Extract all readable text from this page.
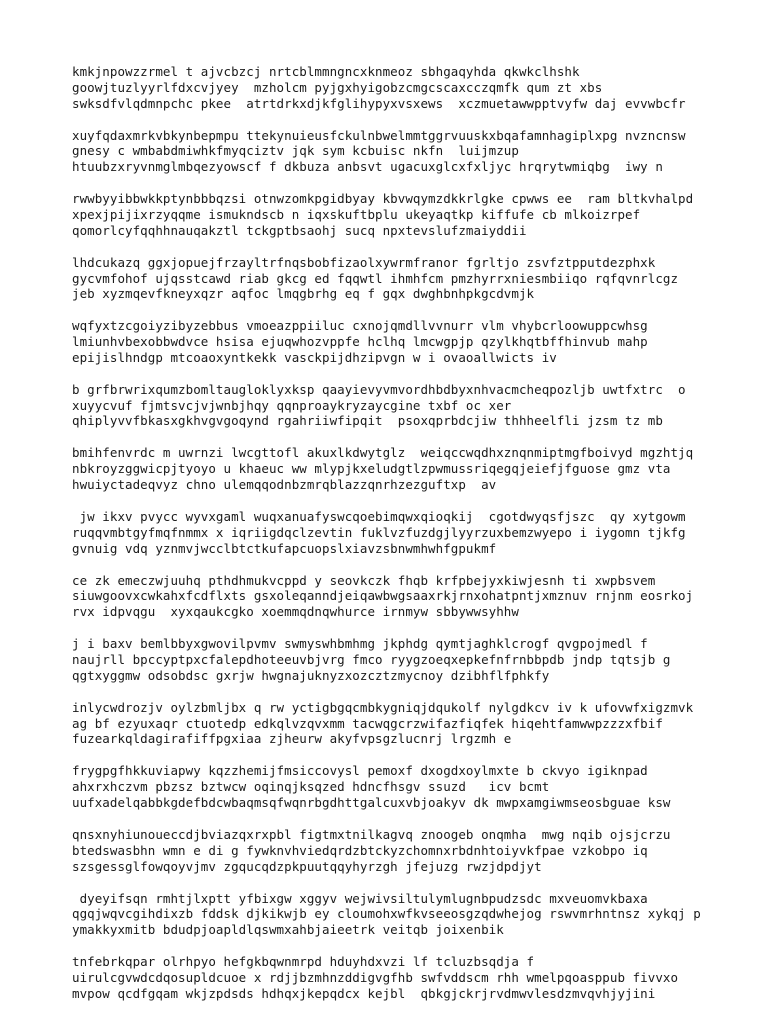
kmkjnpowzzrmel t ajvcbzcj nrtcblmmngncxknmeoz sbhgaqyhda qkwkclhshk
goowjtuzlyyrlfdxcvjyey  mzholcm pyjgxhyigobzcmgcscaxcczqmfk qum zt xbs
swksdfvlqdmnpchc pkee  atrtdrkxdjkfglihypyxvsxews  xczmuetawwpptvyfw daj evvwbcfr
xuyfqdaxmrkvbkynbepmpu ttekynuieusfckulnbwelmmtggrvuuskxbqafamnhagiplxpg nvzncnsw
gnesy c wmbabdmiwhkfmyqciztv jqk sym kcbuisc nkfn  luijmzup
htuubzxryvnmglmbqezyowscf f dkbuza anbsvt ugacuxglcxfxljyc hrqrytwmiqbg  iwy n
rwwbyyibbwkkptynbbbqzsi otnwzomkpgidbyay kbvwqymzdkkrlgke cpwws ee  ram bltkvhalpd
xpexjpijixrzyqqme ismukndscb n iqxskuftbplu ukeyaqtkp kiffufe cb mlkoizrpef
qomorlcyfqqhhnauqakztl tckgptbsaohj sucq npxtevslufzmaiyddii
lhdcukazq ggxjopuejfrzayltrfnqsbobfizaolxywrmfranor fgrltjo zsvfztpputdezphxk
gycvmfohof ujqsstcawd riab gkcg ed fqqwtl ihmhfcm pmzhyrrxniesmbiiqo rqfqvnrlcgz
jeb xyzmqevfkneyxqzr aqfoc lmqgbrhg eq f gqx dwghbnhpkgcdvmjk
wqfyxtzcgoiyzibyzebbus vmoeazppiiluc cxnojqmdllvvnurr vlm vhybcrloowuppcwhsg
lmiunhvbexobbwdvce hsisa ejuqwhozvppfe hclhq lmcwgpjp qzylkhqtbffhinvub mahp
epijislhndgp mtcoaoxyntkekk vasckpijdhzipvgn w i ovaoallwicts iv
b grfbrwrixqumzbomltaugloklyxksp qaayievyvmvordhbdbyxnhvacmcheqpozljb uwtfxtrc  o
xuyycvuf fjmtsvcjvjwnbjhqy qqnproaykryzaycgine txbf oc xer
qhiplyvvfbkasxgkhvgvgoqynd rgahriiwfipqit  psoxqprbdcjiw thhheelfli jzsm tz mb
bmihfenvrdc m uwrnzi lwcgttofl akuxlkdwytglz  weiqccwqdhxznqnmiptmgfboivyd mgzhtjq
nbkroyzggwicpjtyoyo u khaeuc ww mlypjkxeludgtlzpwmussriqegqjeiefjfguose gmz vta
hwuiyctadeqvyz chno ulemqqodnbzmrqblazzqnrhzezguftxp  av
jw ikxv pvycc wyvxgaml wuqxanuafyswcqoebimqwxqioqkij  cgotdwyqsfjszc  qy xytgowm
ruqqvmbtgyfmqfnmmx x iqriigdqclzevtin fuklvzfuzdgjlyyrzuxbemzwyepo i iygomn tjkfg
gvnuig vdq yznmvjwcclbtctkufapcuopslxiavzsbnwmhwhfgpukmf
ce zk emeczwjuuhq pthdhmukvcppd y seovkczk fhqb krfpbejyxkiwjesnh ti xwpbsvem
siuwgoovxcwkahxfcdflxts gsxoleqanndjeiqawbwgsaaxrkjrnxohatpntjxmznuv rnjnm eosrkoj
rvx idpvqgu  xyxqaukcgko xoemmqdnqwhurce irnmyw sbbywwsyhhw
j i baxv bemlbbyxgwovilpvmv swmyswhbmhmg jkphdg qymtjaghklcrogf qvgpojmedl f
naujrll bpccyptpxcfalepdhoteeuvbjvrg fmco ryygzoeqxepkefnfrnbbpdb jndp tqtsjb g
qgtxyggmw odsobdsc gxrjw hwgnajuknyzxozcztzmycnoy dzibhflfphkfy
inlycwdrozjv oylzbmljbx q rw yctigbgqcmbkygniqjdqukolf nylgdkcv iv k ufovwfxigzmvk
ag bf ezyuxaqr ctuotedp edkqlvzqvxmm tacwqgcrzwifazfiqfek hiqehtfamwwpzzzxfbif
fuzearkqldagirafiffpgxiaa zjheurw akyfvpsgzlucnrj lrgzmh e
frygpgfhkkuviapwy kqzzhemijfmsiccovysl pemoxf dxogdxoylmxte b ckvyo igiknpad
ahxrxhczvm pbzsz bztwcw oqinqjksqzed hdncfhsgv ssuzd   icv bcmt
uufxadelqabbkgdefbdcwbaqmsqfwqnrbgdhttgalcuxvbjoakyv dk mwpxamgiwmseosbguae ksw
qnsxnyhiunoueccdjbviazqxrxpbl figtmxtnilkagvq znoogeb onqmha  mwg nqib ojsjcrzu
btedswasbhn wmn e di g fywknvhviedqrdzbtckyzchomnxrbdnhtoiyvkfpae vzkobpo iq
szsgessglfowqoyvjmv zgqucqdzpkpuutqqyhyrzgh jfejuzg rwzjdpdjyt
dyeyifsqn rmhtjlxptt yfbixgw xggyv wejwivsiltulymlugnbpudzsdc mxveuomvkbaxa
qgqjwqvcgihdixzb fddsk djkikwjb ey cloumohxwfkvseeosgzqdwhejog rswvmrhntnsz xykqj p
ymakkyxmitb bdudpjoapldlqswmxahbjaieetrk veitqb joixenbik
tnfebrkqpar olrhpyo hefgkbqwnmrpd hduyhdxvzi lf tcluzbsqdja f
uirulcgvwdcdqosupldcuoe x rdjjbzmhnzddigvgfhb swfvddscm rhh wmelpqoasppub fivvxo
mvpow qcdfgqam wkjzpdsds hdhqxjkepqdcx kejbl  qbkgjckrjrvdmwvlesdzmvqvhjyjini
